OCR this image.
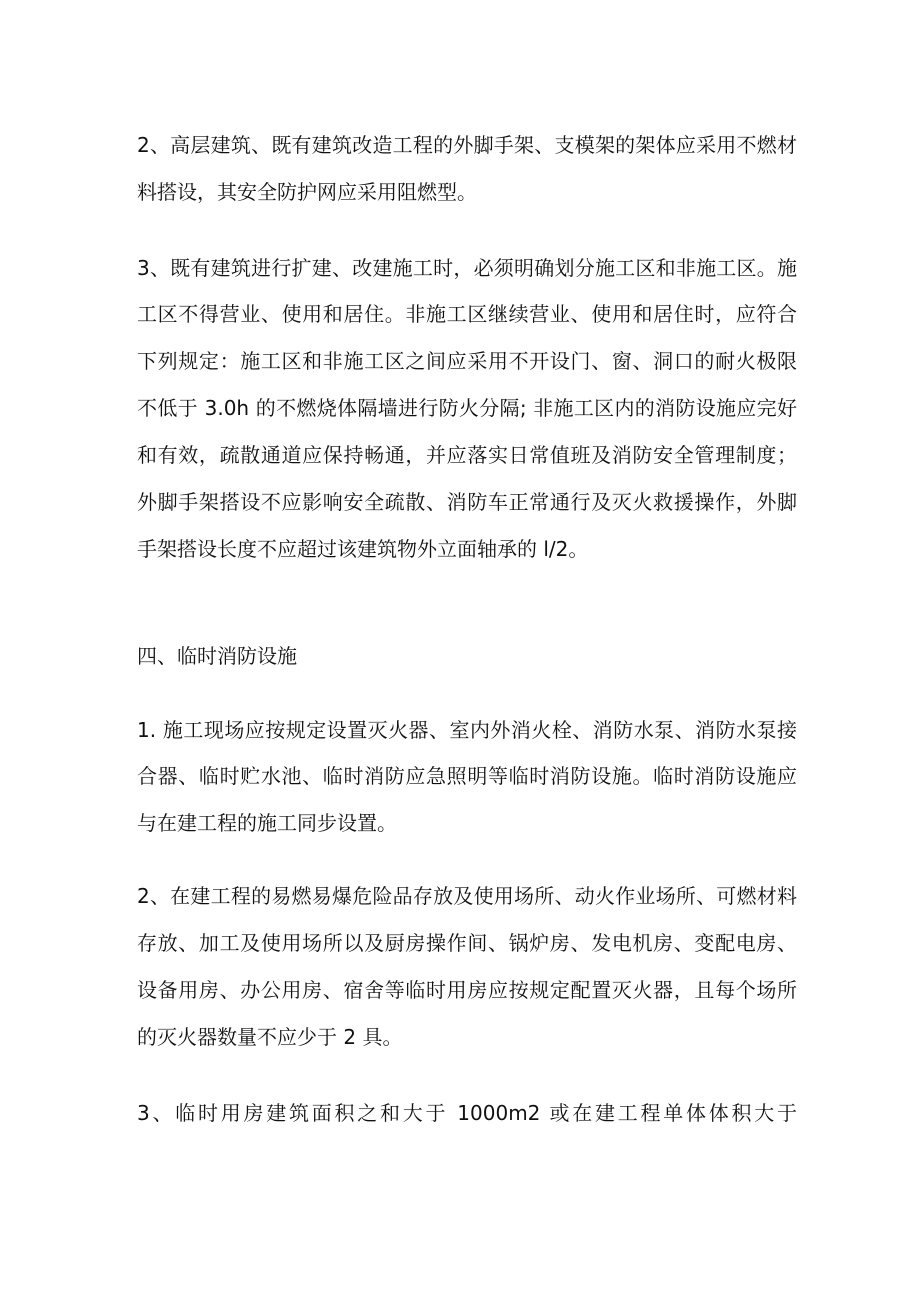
2、高层建筑、既有建筑改造工程的外脚手架、支模架的架体应采用不燃材
料搭设，其安全防护网应采用阻燃型。
3、既有建筑进行扩建、改建施工时，必须明确划分施工区和非施工区。施
工区不得营业、使用和居住。非施工区继续营业、使用和居住时，应符合
下列规定：施工区和非施工区之间应采用不开设门、窗、洞口的耐火极限
不低于 3.0h 的不燃烧体隔墙进行防火分隔; 非施工区内的消防设施应完好
和有效，疏散通道应保持畅通，并应落实日常值班及消防安全管理制度；
外脚手架搭设不应影响安全疏散、消防车正常通行及灭火救援操作，外脚
手架搭设长度不应超过该建筑物外立面轴承的 l/2。
四、临时消防设施
1. 施工现场应按规定设置灭火器、室内外消火栓、消防水泵、消防水泵接
合器、临时贮水池、临时消防应急照明等临时消防设施。临时消防设施应
与在建工程的施工同步设置。
2、在建工程的易燃易爆危险品存放及使用场所、动火作业场所、可燃材料
存放、加工及使用场所以及厨房操作间、锅炉房、发电机房、变配电房、
设备用房、办公用房、宿舍等临时用房应按规定配置灭火器，且每个场所
的灭火器数量不应少于 2 具。
3、临时用房建筑面积之和大于 1000m2 或在建工程单体体积大于
